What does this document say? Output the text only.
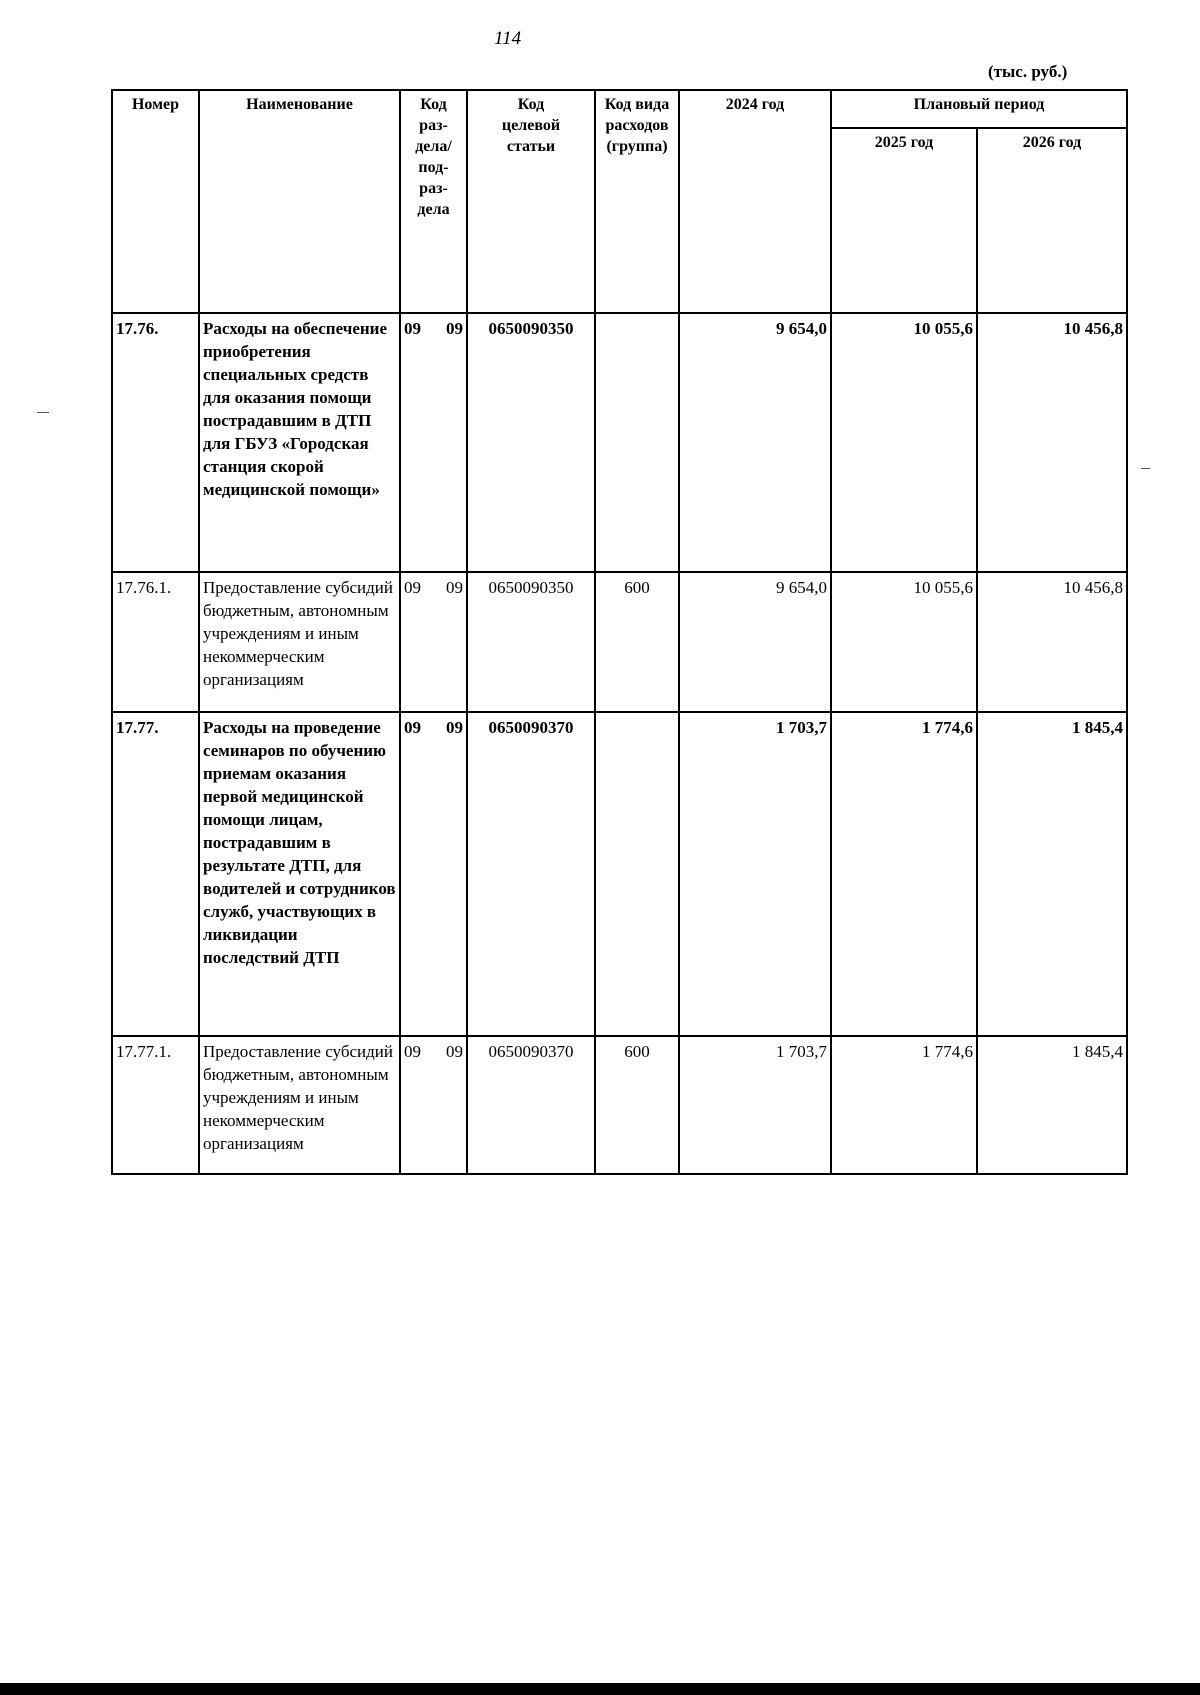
114
(тыс. руб.)
Номер	Наименование	Код раз-дела/ под-раз-дела	Код целевой статьи	Код вида расходов (группа)	2024 год	Плановый период	
						2025 год	2026 год
17.76.	Расходы на обеспечение приобретения специальных средств для оказания помощи пострадавшим в ДТП для ГБУЗ «Городская станция скорой медицинской помощи»	09 09	0650090350		9 654,0	10 055,6	10 456,8
17.76.1.	Предоставление субсидий бюджетным, автономным учреждениям и иным некоммерческим организациям	09 09	0650090350	600	9 654,0	10 055,6	10 456,8
17.77.	Расходы на проведение семинаров по обучению приемам оказания первой медицинской помощи лицам, пострадавшим в результате ДТП, для водителей и сотрудников служб, участвующих в ликвидации последствий ДТП	09 09	0650090370		1 703,7	1 774,6	1 845,4
17.77.1.	Предоставление субсидий бюджетным, автономным учреждениям и иным некоммерческим организациям	09 09	0650090370	600	1 703,7	1 774,6	1 845,4
